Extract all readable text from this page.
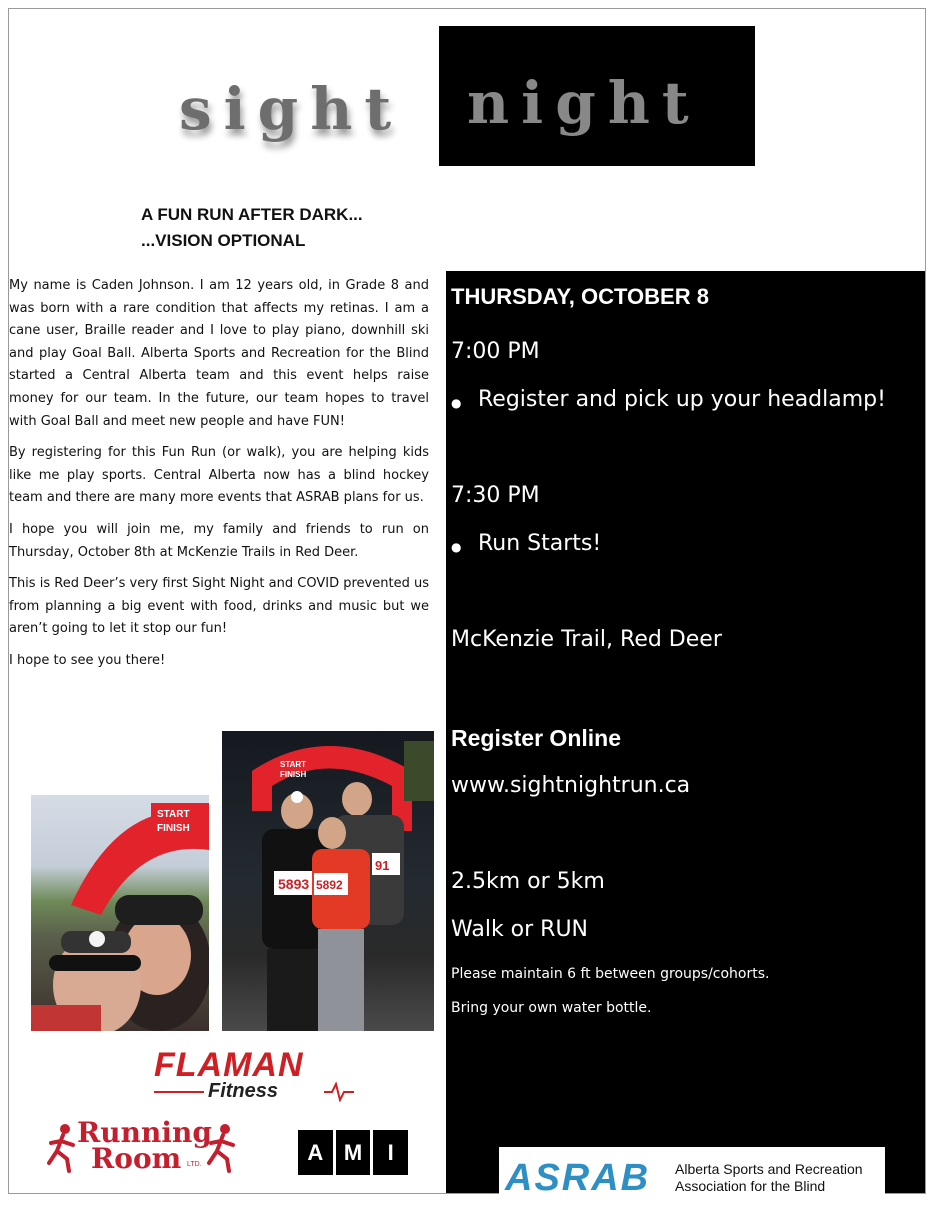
sight night
A FUN RUN AFTER DARK...
...VISION OPTIONAL

My name is Caden Johnson. I am 12 years old, in Grade 8 and was born with a rare condition that affects my retinas. I am a cane user, Braille reader and I love to play piano, downhill ski and play Goal Ball. Alberta Sports and Recreation for the Blind started a Central Alberta team and this event helps raise money for our team. In the future, our team hopes to travel with Goal Ball and meet new people and have FUN!

By registering for this Fun Run (or walk), you are helping kids like me play sports. Central Alberta now has a blind hockey team and there are many more events that ASRAB plans for us.

I hope you will join me, my family and friends to run on Thursday, October 8th at McKenzie Trails in Red Deer.

This is Red Deer’s very first Sight Night and COVID prevented us from planning a big event with food, drinks and music but we aren’t going to let it stop our fun!

I hope to see you there!

START
FINISH
START
FINISH
5893
91
5892
FLAMAN
Fitness
Running
Room LTD.	A M	I
THURSDAY, OCTOBER 8
7:00 PM
● Register and pick up your headlamp!
7:30 PM
● Run Starts!
McKenzie Trail, Red Deer
Register Online
www.sightnightrun.ca
2.5km or 5km
Walk or RUN
Please maintain 6 ft between groups/cohorts.
Bring your own water bottle.
ASRAB Alberta Sports and Recreation
Association for the Blind
